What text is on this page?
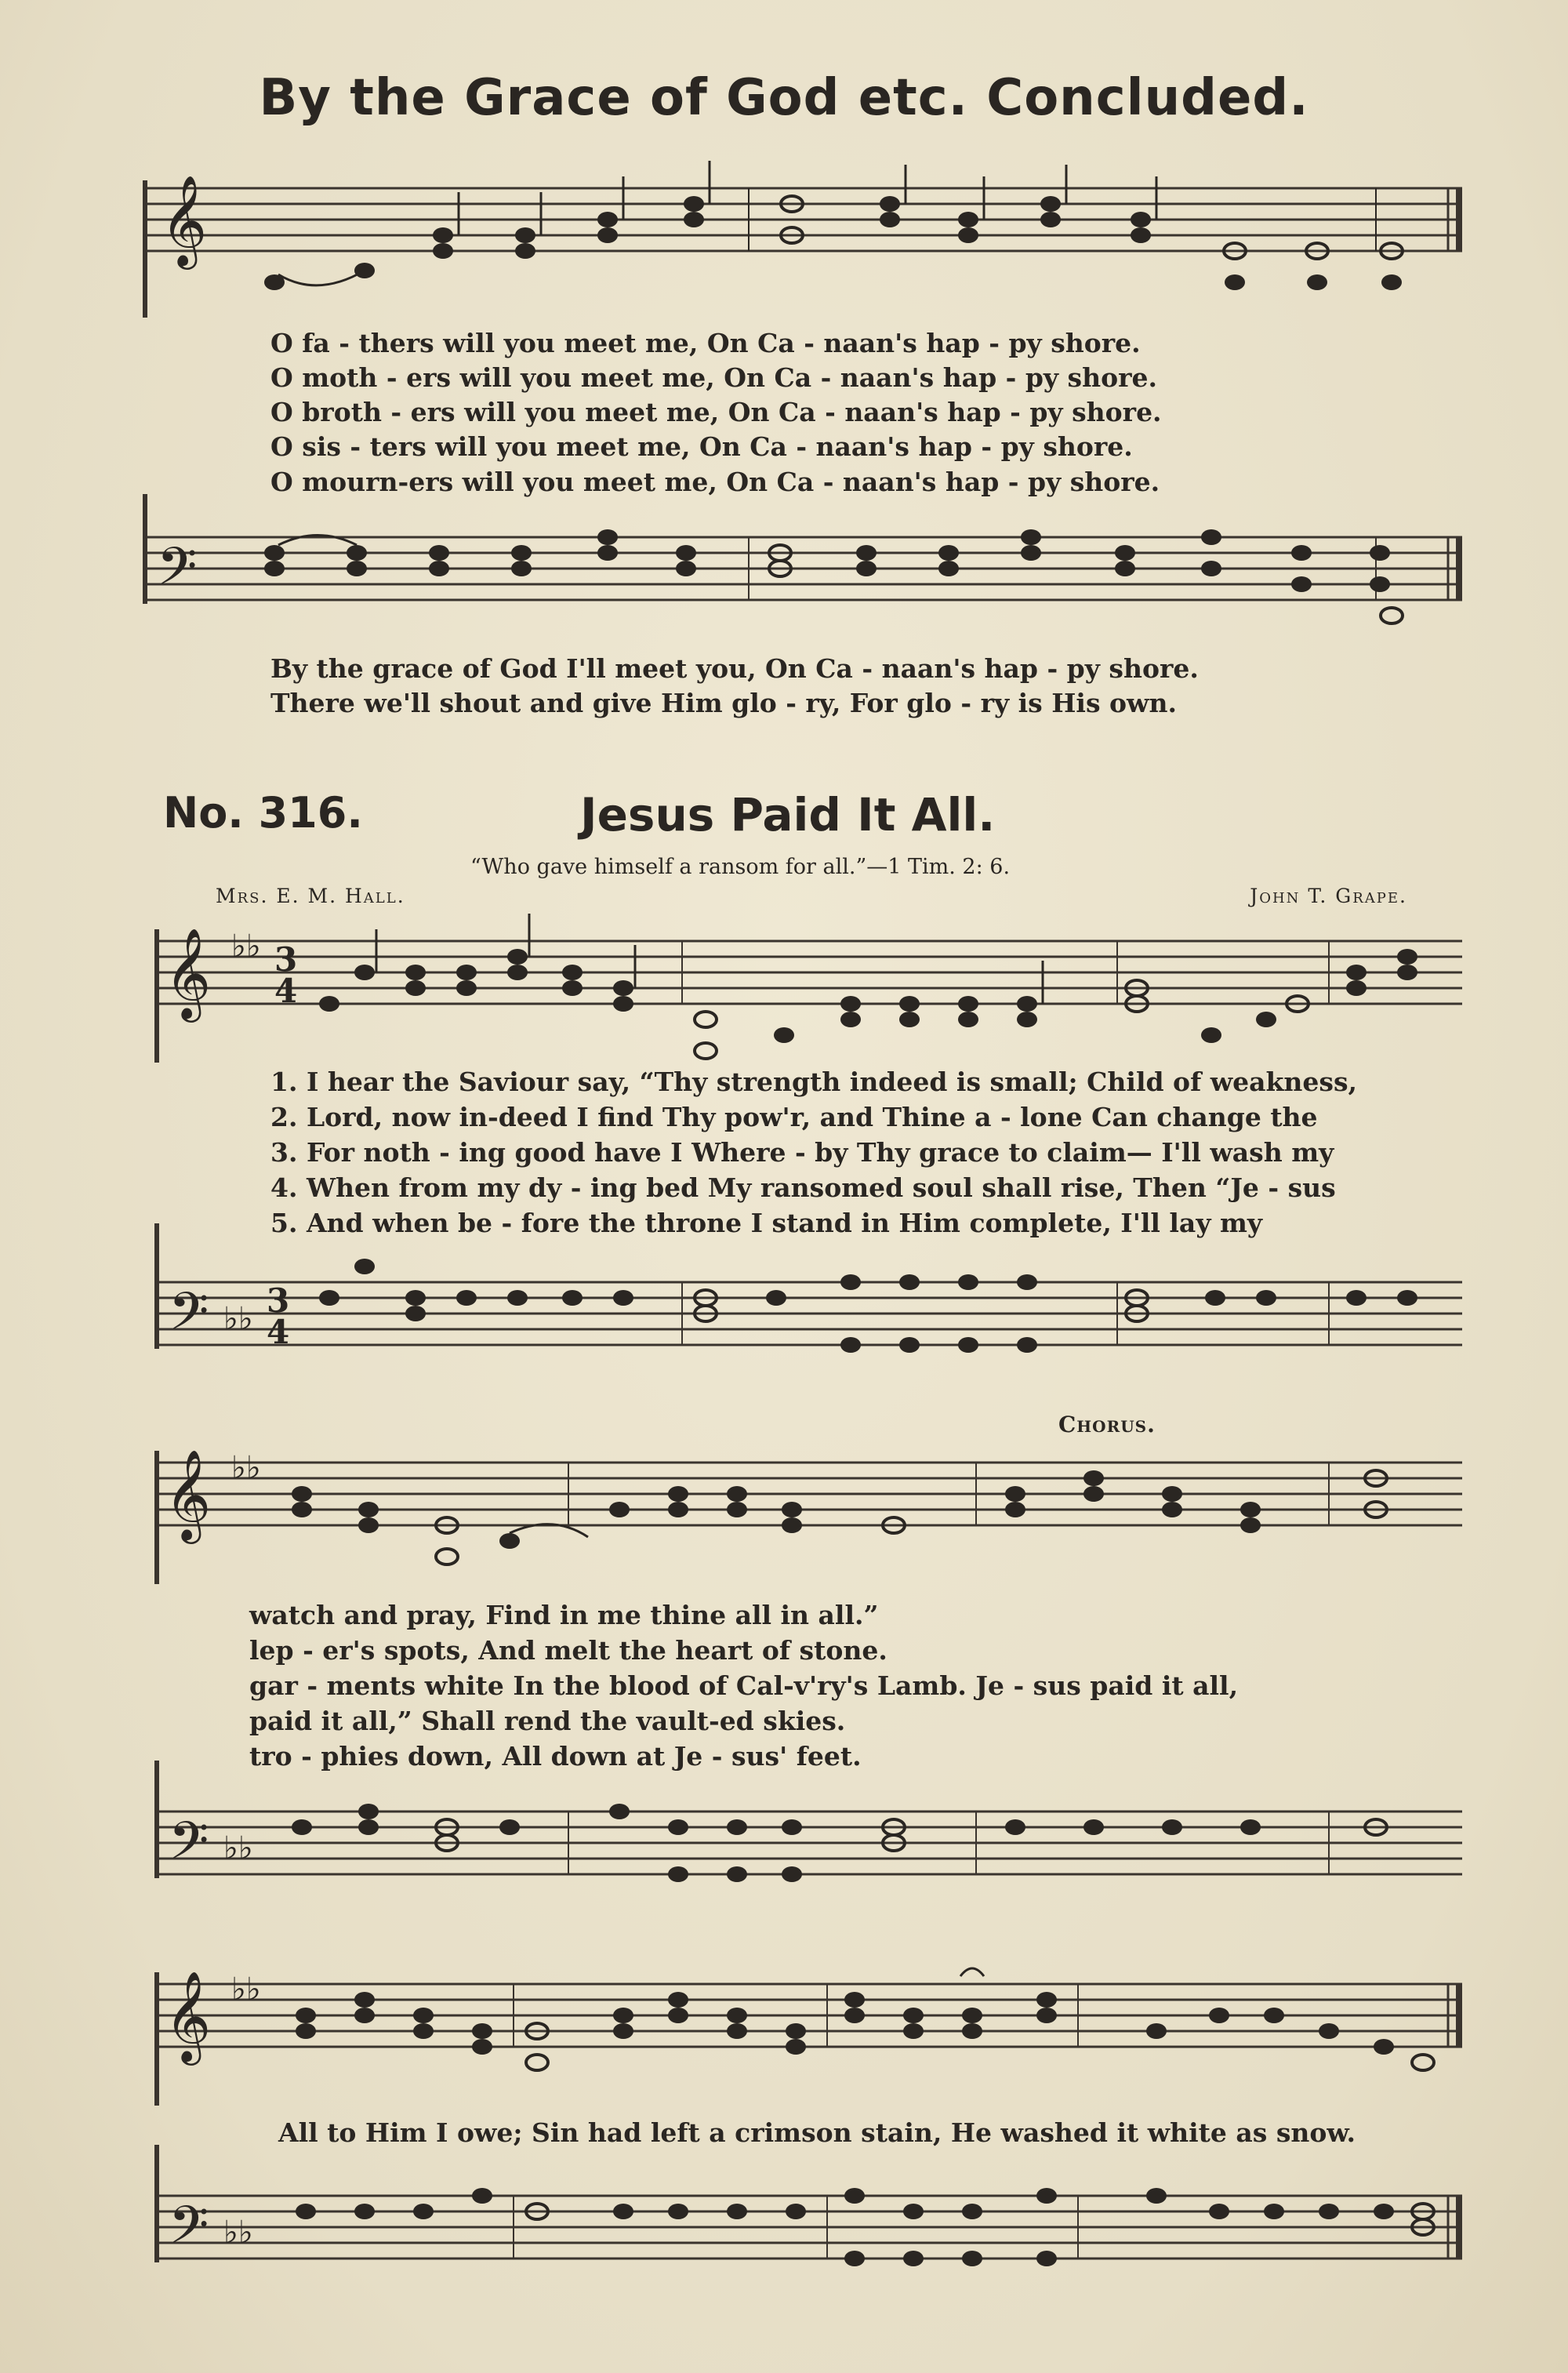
By the Grace of God etc. Concluded.
𝄞
O fa - thers will you meet me, On Ca - naan's hap - py shore.
O moth - ers will you meet me, On Ca - naan's hap - py shore.
O broth - ers will you meet me, On Ca - naan's hap - py shore.
O sis - ters will you meet me, On Ca - naan's hap - py shore.
O mourn-ers will you meet me, On Ca - naan's hap - py shore.
𝄢
By the grace of God I'll meet you, On Ca - naan's hap - py shore.
There we'll shout and give Him glo - ry, For glo - ry is His own.
No. 316.	Jesus Paid It All.
“Who gave himself a ransom for all.”—1 Tim. 2: 6.
Mrs. E. M. Hall.	John T. Grape.
𝄞 ♭♭ 3
4
1. I hear the Saviour say, “Thy strength indeed is small; Child of weakness,
2. Lord, now in-deed I find Thy pow'r, and Thine a - lone Can change the
3. For noth - ing good have I Where - by Thy grace to claim— I'll wash my
4. When from my dy - ing bed My ransomed soul shall rise, Then “Je - sus
5. And when be - fore the throne I stand in Him complete, I'll lay my
𝄢 ♭♭ 3
4
Chorus.
𝄞 ♭♭
watch and pray, Find in me thine all in all.”
lep - er's spots, And melt the heart of stone.
gar - ments white In the blood of Cal-v'ry's Lamb. Je - sus paid it all,
paid it all,” Shall rend the vault-ed skies.
tro - phies down, All down at Je - sus' feet.
𝄢 ♭♭
𝄞 ♭♭
All to Him I owe; Sin had left a crimson stain, He washed it white as snow.
𝄢 ♭♭
